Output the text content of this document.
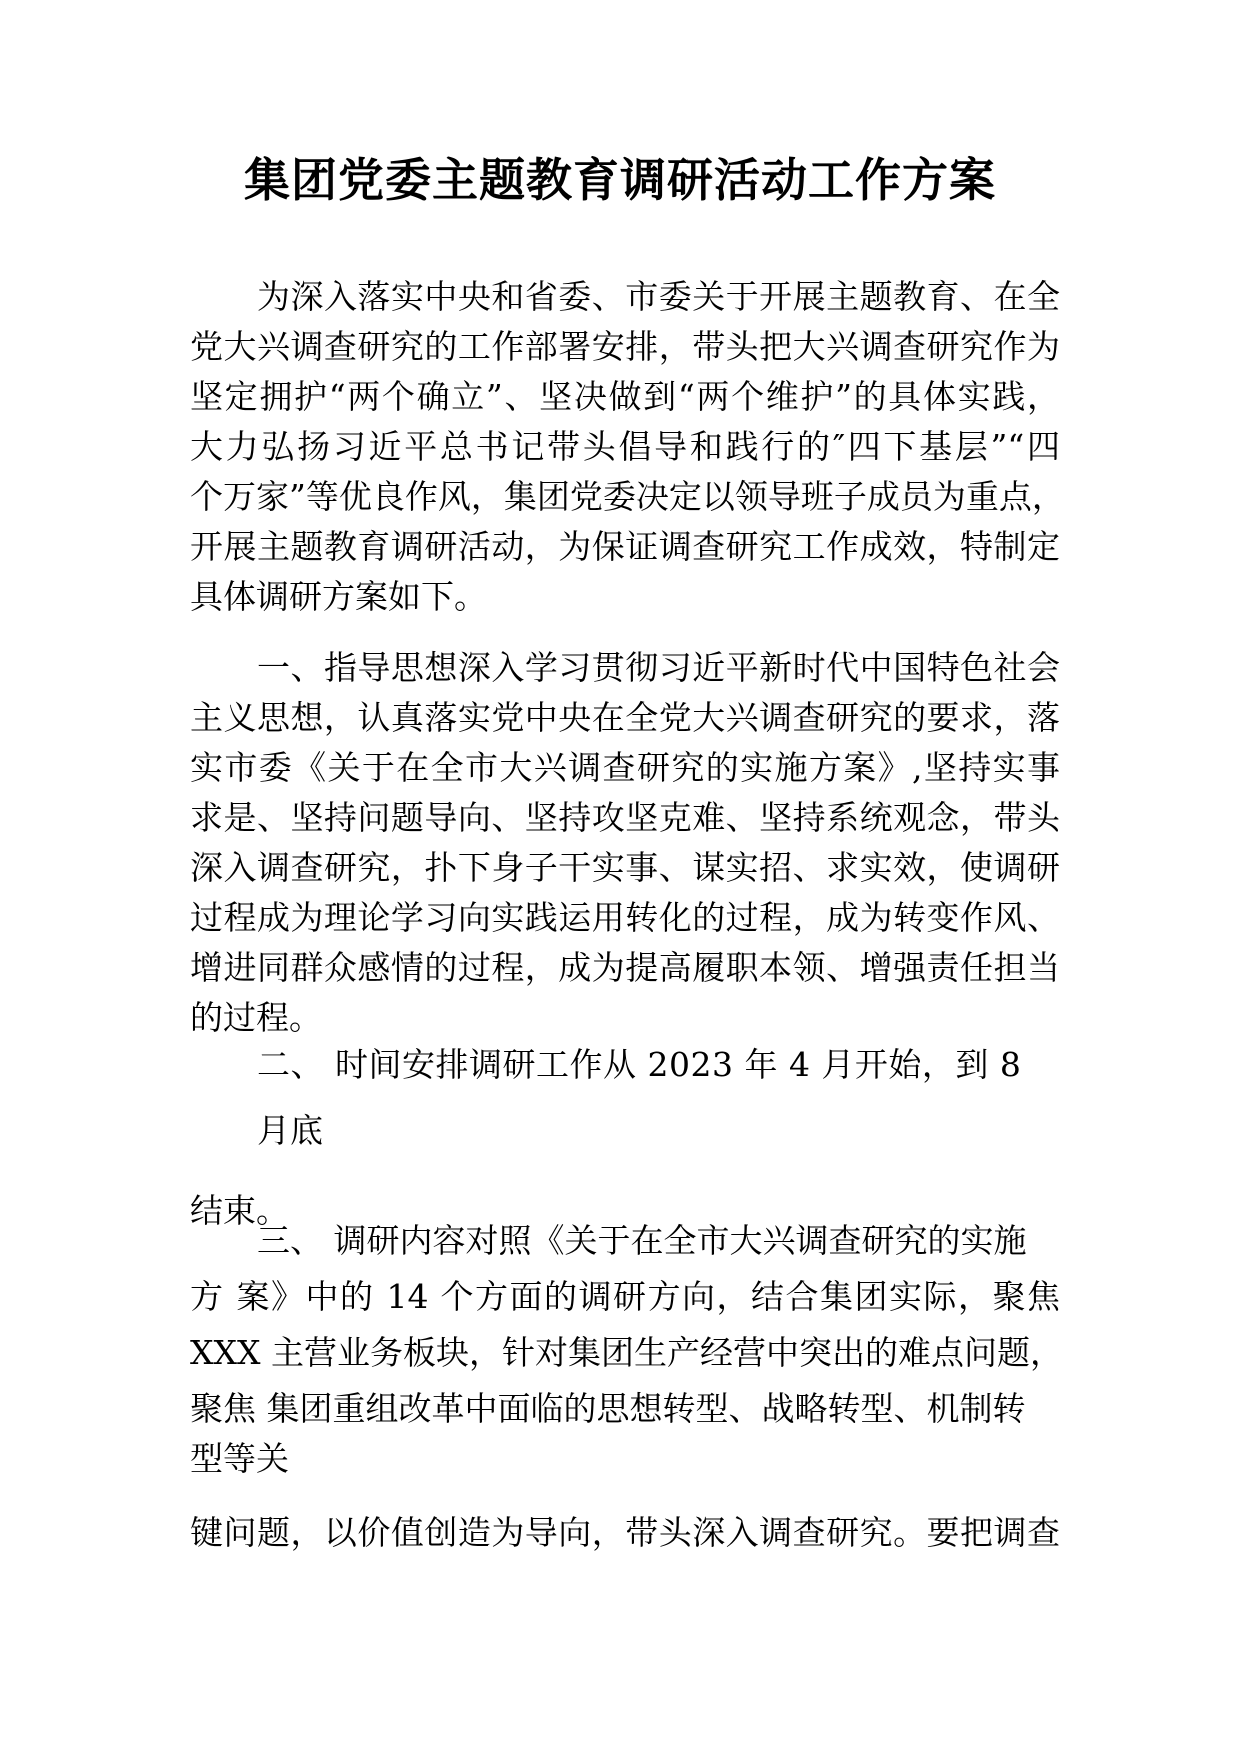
集团党委主题教育调研活动工作方案
为深入落实中央和省委、市委关于开展主题教育、在全
党大兴调查研究的工作部署安排，带头把大兴调查研究作为
坚定拥护“两个确立”、坚决做到“两个维护”的具体实践，
大力弘扬习近平总书记带头倡导和践行的″四下基层”“四
个万家”等优良作风，集团党委决定以领导班子成员为重点，
开展主题教育调研活动，为保证调查研究工作成效，特制定
具体调研方案如下。
一、指导思想深入学习贯彻习近平新时代中国特色社会
主义思想，认真落实党中央在全党大兴调查研究的要求，落
实市委《关于在全市大兴调查研究的实施方案》,坚持实事
求是、坚持问题导向、坚持攻坚克难、坚持系统观念，带头
深入调查研究，扑下身子干实事、谋实招、求实效，使调研
过程成为理论学习向实践运用转化的过程，成为转变作风、
增进同群众感情的过程，成为提高履职本领、增强责任担当
的过程。
二、 时间安排调研工作从 2023 年 4 月开始，到 8
月底
结束。
三、 调研内容对照《关于在全市大兴调查研究的实施
方 案》中的 14 个方面的调研方向，结合集团实际，聚焦
XXX 主营业务板块，针对集团生产经营中突出的难点问题，
聚焦 集团重组改革中面临的思想转型、战略转型、机制转
型等关
键问题，以价值创造为导向，带头深入调查研究。要把调查
